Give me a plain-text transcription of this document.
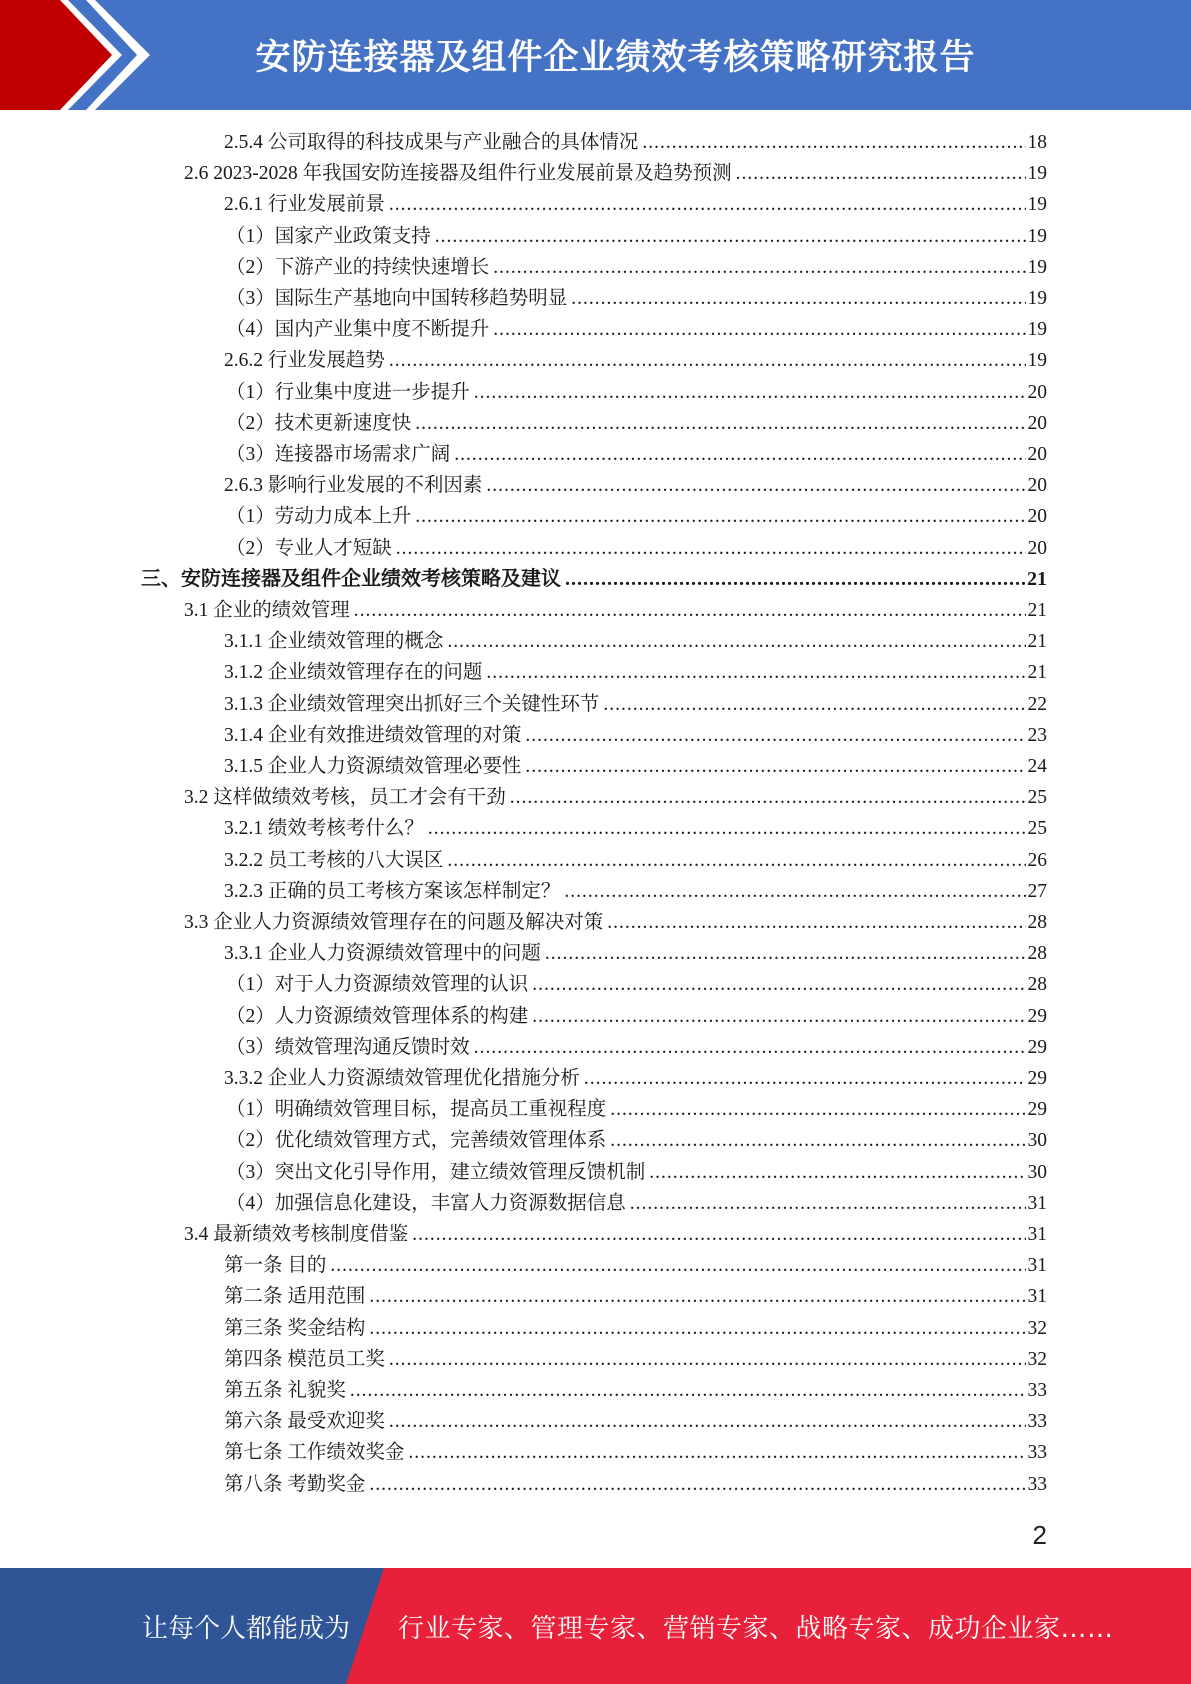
安防连接器及组件企业绩效考核策略研究报告
2.5.4 公司取得的科技成果与产业融合的具体情况 .....	18
2.6 2023-2028 年我国安防连接器及组件行业发展前景及趋势预测 .....	19
2.6.1 行业发展前景 .....	19
（1）国家产业政策支持 .....	19
（2）下游产业的持续快速增长 .....	19
（3）国际生产基地向中国转移趋势明显 .....	19
（4）国内产业集中度不断提升 .....	19
2.6.2 行业发展趋势 .....	19
（1）行业集中度进一步提升 .....	20
（2）技术更新速度快 .....	20
（3）连接器市场需求广阔 .....	20
2.6.3 影响行业发展的不利因素 .....	20
（1）劳动力成本上升 .....	20
（2）专业人才短缺 .....	20
三、安防连接器及组件企业绩效考核策略及建议 .....	21
3.1 企业的绩效管理 .....	21
3.1.1 企业绩效管理的概念 .....	21
3.1.2 企业绩效管理存在的问题 .....	21
3.1.3 企业绩效管理突出抓好三个关键性环节 .....	22
3.1.4 企业有效推进绩效管理的对策 .....	23
3.1.5 企业人力资源绩效管理必要性 .....	24
3.2 这样做绩效考核，员工才会有干劲 .....	25
3.2.1 绩效考核考什么？ .....	25
3.2.2 员工考核的八大误区 .....	26
3.2.3 正确的员工考核方案该怎样制定？ .....	27
3.3 企业人力资源绩效管理存在的问题及解决对策 .....	28
3.3.1 企业人力资源绩效管理中的问题 .....	28
（1）对于人力资源绩效管理的认识 .....	28
（2）人力资源绩效管理体系的构建 .....	29
（3）绩效管理沟通反馈时效 .....	29
3.3.2 企业人力资源绩效管理优化措施分析 .....	29
（1）明确绩效管理目标，提高员工重视程度 .....	29
（2）优化绩效管理方式，完善绩效管理体系 .....	30
（3）突出文化引导作用，建立绩效管理反馈机制 .....	30
（4）加强信息化建设，丰富人力资源数据信息 .....	31
3.4 最新绩效考核制度借鉴 .....	31
第一条 目的 .....	31
第二条 适用范围 .....	31
第三条 奖金结构 .....	32
第四条 模范员工奖 .....	32
第五条 礼貌奖 .....	33
第六条 最受欢迎奖 .....	33
第七条 工作绩效奖金 .....	33
第八条 考勤奖金 .....	33
2
让每个人都能成为 行业专家、管理专家、营销专家、战略专家、成功企业家……
